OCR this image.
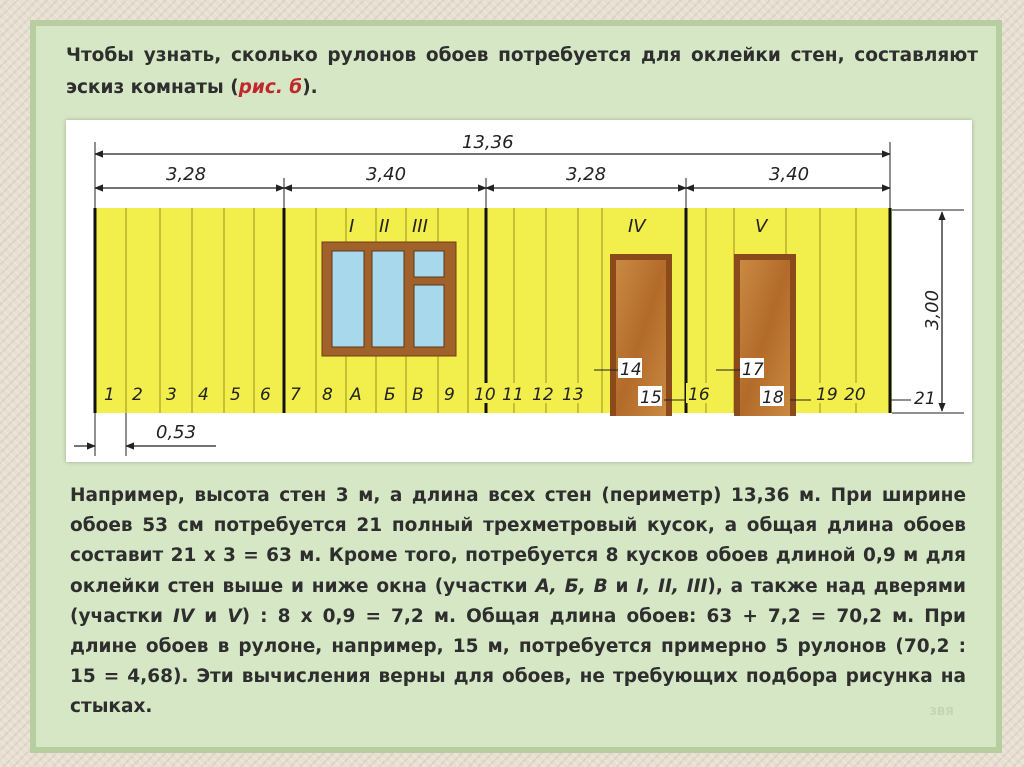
Чтобы узнать, сколько рулонов обоев потребуется для оклейки стен, составляют эскиз комнаты (рис. б).

13,36
3,28	3,40	3,28	3,40
0,53
3,00
I II III	IV	V
1 2 3 4 5 6 7 8 А Б В 9 10 11 12 13
14
15 16
17
18 19 20	21

Например, высота стен 3 м, а длина всех стен (периметр) 13,36 м. При ширине обоев 53 см потребуется 21 полный трехметровый кусок, а общая длина обоев составит 21 х 3 = 63 м. Кроме того, потребуется 8 кусков обоев длиной 0,9 м для оклейки стен выше и ниже окна (участки А, Б, В и I, II, III), а также над дверями (участки IV и V) : 8 х 0,9 = 7,2 м. Общая длина обоев: 63 + 7,2 = 70,2 м. При длине обоев в рулоне, например, 15 м, потребуется примерно 5 рулонов (70,2 : 15 = 4,68). Эти вычисления верны для обоев, не требующих подбора рисунка на стыках.	ЗВЯ
